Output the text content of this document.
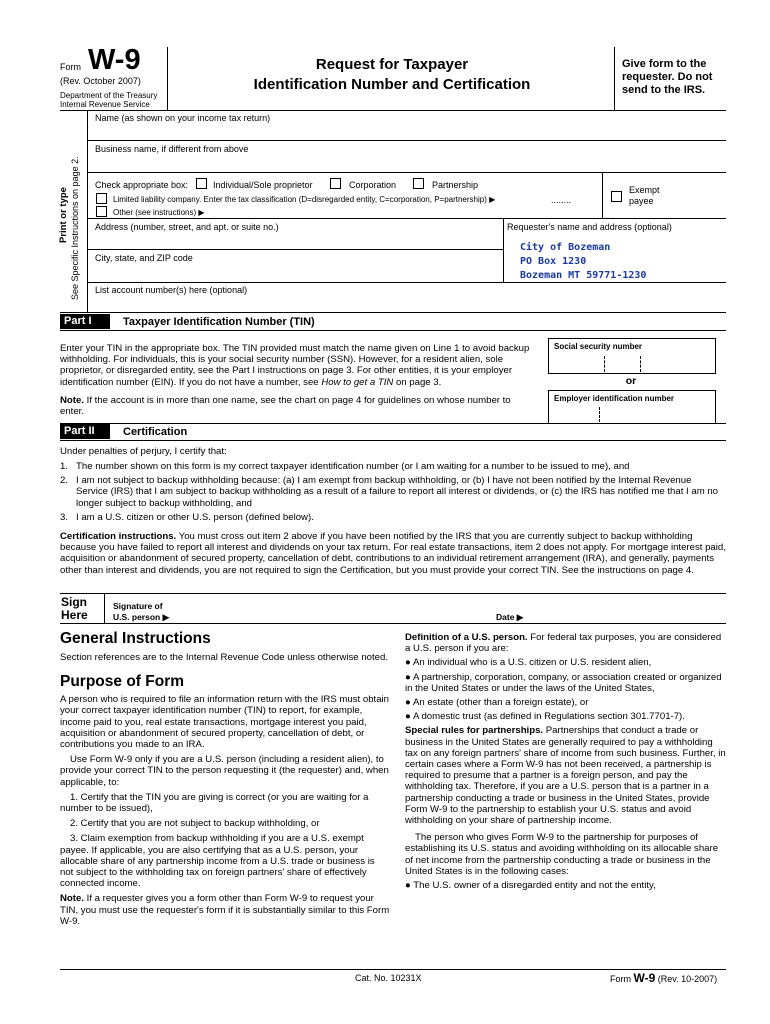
Form W-9
(Rev. October 2007)
Department of the Treasury
Internal Revenue Service
Request for Taxpayer
Identification Number and Certification
Give form to the requester. Do not send to the IRS.
Print or type See Specific Instructions on page 2.
Name (as shown on your income tax return)
Business name, if different from above
Check appropriate box:	Individual/Sole proprietor	Corporation	Partnership
Limited liability company. Enter the tax classification (D=disregarded entity, C=corporation, P=partnership) ▶	........
Other (see instructions) ▶
Exempt payee
Address (number, street, and apt. or suite no.)	Requester's name and address (optional)
City of Bozeman
PO Box 1230
Bozeman MT 59771-1230
City, state, and ZIP code
List account number(s) here (optional)
Part I	Taxpayer Identification Number (TIN)
Enter your TIN in the appropriate box. The TIN provided must match the name given on Line 1 to avoid backup withholding. For individuals, this is your social security number (SSN). However, for a resident alien, sole proprietor, or disregarded entity, see the Part I instructions on page 3. For other entities, it is your employer identification number (EIN). If you do not have a number, see How to get a TIN on page 3.
Note. If the account is in more than one name, see the chart on page 4 for guidelines on whose number to enter.
Social security number
or
Employer identification number
Part II	Certification
Under penalties of perjury, I certify that:
1. The number shown on this form is my correct taxpayer identification number (or I am waiting for a number to be issued to me), and
2. I am not subject to backup withholding because: (a) I am exempt from backup withholding, or (b) I have not been notified by the Internal Revenue Service (IRS) that I am subject to backup withholding as a result of a failure to report all interest or dividends, or (c) the IRS has notified me that I am no longer subject to backup withholding, and
3. I am a U.S. citizen or other U.S. person (defined below).
Certification instructions. You must cross out item 2 above if you have been notified by the IRS that you are currently subject to backup withholding because you have failed to report all interest and dividends on your tax return. For real estate transactions, item 2 does not apply. For mortgage interest paid, acquisition or abandonment of secured property, cancellation of debt, contributions to an individual retirement arrangement (IRA), and generally, payments other than interest and dividends, you are not required to sign the Certification, but you must provide your correct TIN. See the instructions on page 4.
Sign
Here
Signature of
U.S. person ▶	Date ▶
General Instructions

Section references are to the Internal Revenue Code unless otherwise noted.

Purpose of Form

A person who is required to file an information return with the IRS must obtain your correct taxpayer identification number (TIN) to report, for example, income paid to you, real estate transactions, mortgage interest you paid, acquisition or abandonment of secured property, cancellation of debt, or contributions you made to an IRA.

Use Form W-9 only if you are a U.S. person (including a resident alien), to provide your correct TIN to the person requesting it (the requester) and, when applicable, to:

1. Certify that the TIN you are giving is correct (or you are waiting for a number to be issued),

2. Certify that you are not subject to backup withholding, or

3. Claim exemption from backup withholding if you are a U.S. exempt payee. If applicable, you are also certifying that as a U.S. person, your allocable share of any partnership income from a U.S. trade or business is not subject to the withholding tax on foreign partners' share of effectively connected income.

Note. If a requester gives you a form other than Form W-9 to request your TIN, you must use the requester's form if it is substantially similar to this Form W-9.

Definition of a U.S. person. For federal tax purposes, you are considered a U.S. person if you are:

● An individual who is a U.S. citizen or U.S. resident alien,

● A partnership, corporation, company, or association created or organized in the United States or under the laws of the United States,

● An estate (other than a foreign estate), or

● A domestic trust (as defined in Regulations section 301.7701-7).

Special rules for partnerships. Partnerships that conduct a trade or business in the United States are generally required to pay a withholding tax on any foreign partners' share of income from such business. Further, in certain cases where a Form W-9 has not been received, a partnership is required to presume that a partner is a foreign person, and pay the withholding tax. Therefore, if you are a U.S. person that is a partner in a partnership conducting a trade or business in the United States, provide Form W-9 to the partnership to establish your U.S. status and avoid withholding on your share of partnership income.

The person who gives Form W-9 to the partnership for purposes of establishing its U.S. status and avoiding withholding on its allocable share of net income from the partnership conducting a trade or business in the United States is in the following cases:

● The U.S. owner of a disregarded entity and not the entity,

Cat. No. 10231X	Form W-9 (Rev. 10-2007)
